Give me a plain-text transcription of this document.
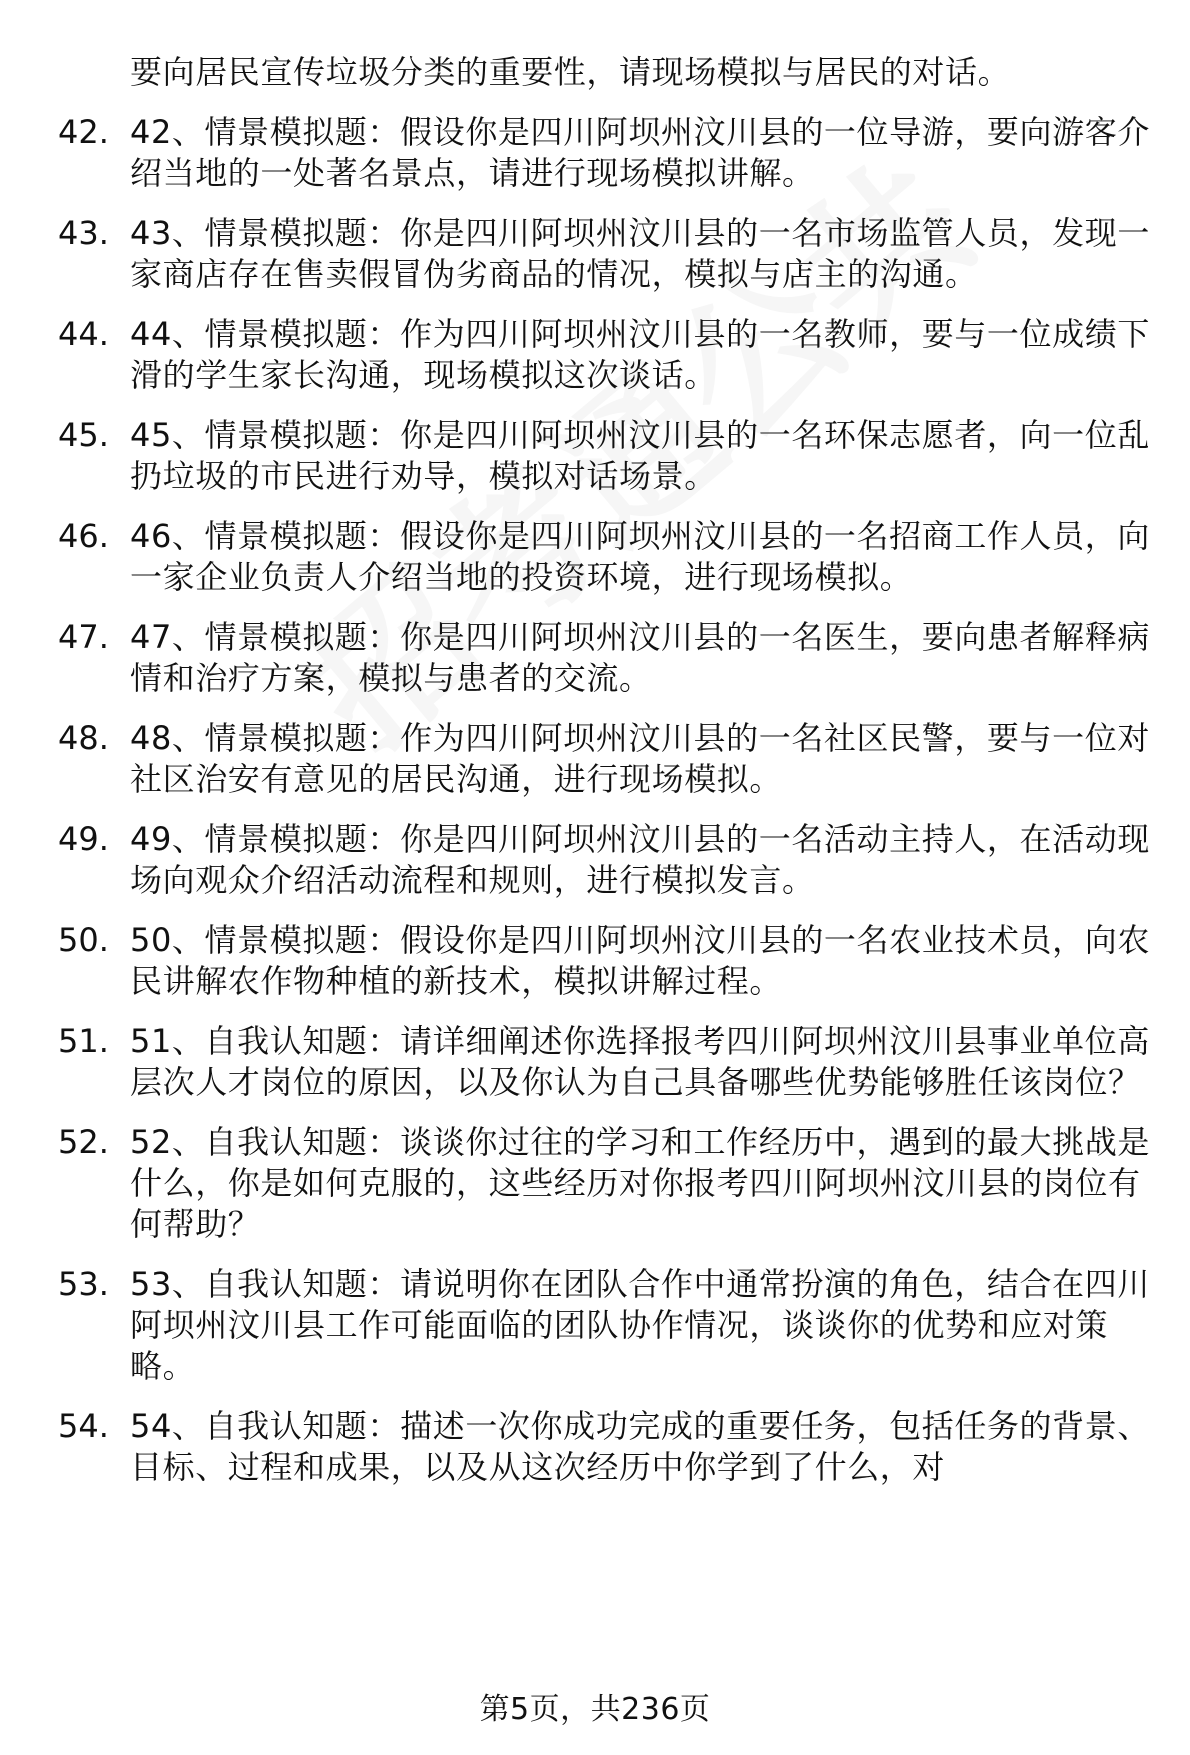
要向居民宣传垃圾分类的重要性，请现场模拟与居民的对话。
42. 42、情景模拟题：假设你是四川阿坝州汶川县的一位导游，要向游客介绍当地的一处著名景点，请进行现场模拟讲解。
43. 43、情景模拟题：你是四川阿坝州汶川县的一名市场监管人员，发现一家商店存在售卖假冒伪劣商品的情况，模拟与店主的沟通。
44. 44、情景模拟题：作为四川阿坝州汶川县的一名教师，要与一位成绩下滑的学生家长沟通，现场模拟这次谈话。
45. 45、情景模拟题：你是四川阿坝州汶川县的一名环保志愿者，向一位乱扔垃圾的市民进行劝导，模拟对话场景。
46. 46、情景模拟题：假设你是四川阿坝州汶川县的一名招商工作人员，向一家企业负责人介绍当地的投资环境，进行现场模拟。
47. 47、情景模拟题：你是四川阿坝州汶川县的一名医生，要向患者解释病情和治疗方案，模拟与患者的交流。
48. 48、情景模拟题：作为四川阿坝州汶川县的一名社区民警，要与一位对社区治安有意见的居民沟通，进行现场模拟。
49. 49、情景模拟题：你是四川阿坝州汶川县的一名活动主持人，在活动现场向观众介绍活动流程和规则，进行模拟发言。
50. 50、情景模拟题：假设你是四川阿坝州汶川县的一名农业技术员，向农民讲解农作物种植的新技术，模拟讲解过程。
51. 51、自我认知题：请详细阐述你选择报考四川阿坝州汶川县事业单位高层次人才岗位的原因，以及你认为自己具备哪些优势能够胜任该岗位？
52. 52、自我认知题：谈谈你过往的学习和工作经历中，遇到的最大挑战是什么，你是如何克服的，这些经历对你报考四川阿坝州汶川县的岗位有何帮助？
53. 53、自我认知题：请说明你在团队合作中通常扮演的角色，结合在四川阿坝州汶川县工作可能面临的团队协作情况，谈谈你的优势和应对策略。
54. 54、自我认知题：描述一次你成功完成的重要任务，包括任务的背景、目标、过程和成果，以及从这次经历中你学到了什么，对
第5页，共236页
